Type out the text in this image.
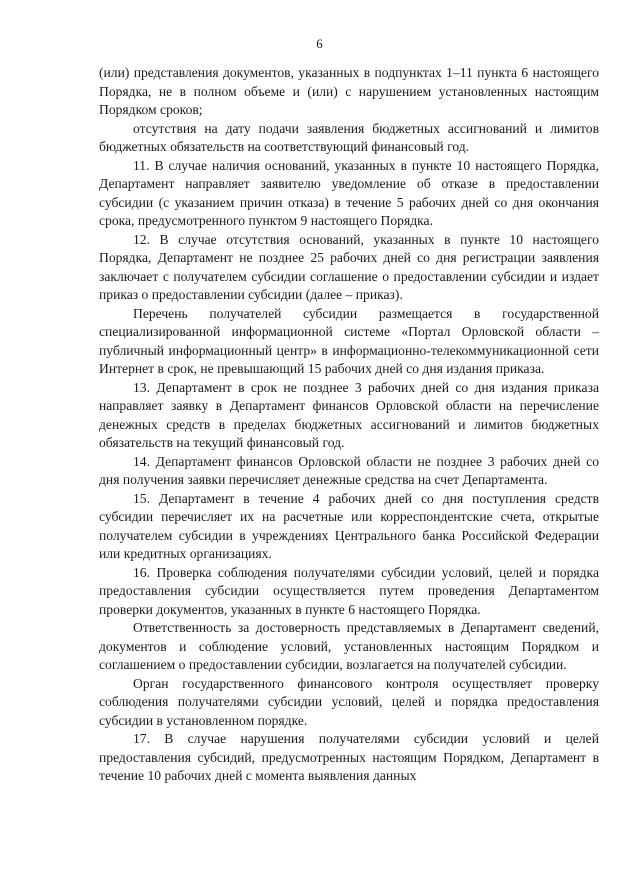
6

(или) представления документов, указанных в подпунктах 1–11 пункта 6 настоящего Порядка, не в полном объеме и (или) с нарушением установленных настоящим Порядком сроков;

отсутствия на дату подачи заявления бюджетных ассигнований и лимитов бюджетных обязательств на соответствующий финансовый год.

11. В случае наличия оснований, указанных в пункте 10 настоящего Порядка, Департамент направляет заявителю уведомление об отказе в предоставлении субсидии (с указанием причин отказа) в течение 5 рабочих дней со дня окончания срока, предусмотренного пунктом 9 настоящего Порядка.

12. В случае отсутствия оснований, указанных в пункте 10 настоящего Порядка, Департамент не позднее 25 рабочих дней со дня регистрации заявления заключает с получателем субсидии соглашение о предоставлении субсидии и издает приказ о предоставлении субсидии (далее – приказ).

Перечень получателей субсидии размещается в государственной специализированной информационной системе «Портал Орловской области – публичный информационный центр» в информационно-телекоммуникационной сети Интернет в срок, не превышающий 15 рабочих дней со дня издания приказа.

13. Департамент в срок не позднее 3 рабочих дней со дня издания приказа направляет заявку в Департамент финансов Орловской области на перечисление денежных средств в пределах бюджетных ассигнований и лимитов бюджетных обязательств на текущий финансовый год.

14. Департамент финансов Орловской области не позднее 3 рабочих дней со дня получения заявки перечисляет денежные средства на счет Департамента.

15. Департамент в течение 4 рабочих дней со дня поступления средств субсидии перечисляет их на расчетные или корреспондентские счета, открытые получателем субсидии в учреждениях Центрального банка Российской Федерации или кредитных организациях.

16. Проверка соблюдения получателями субсидии условий, целей и порядка предоставления субсидии осуществляется путем проведения Департаментом проверки документов, указанных в пункте 6 настоящего Порядка.

Ответственность за достоверность представляемых в Департамент сведений, документов и соблюдение условий, установленных настоящим Порядком и соглашением о предоставлении субсидии, возлагается на получателей субсидии.

Орган государственного финансового контроля осуществляет проверку соблюдения получателями субсидии условий, целей и порядка предоставления субсидии в установленном порядке.

17. В случае нарушения получателями субсидии условий и целей предоставления субсидий, предусмотренных настоящим Порядком, Департамент в течение 10 рабочих дней с момента выявления данных
